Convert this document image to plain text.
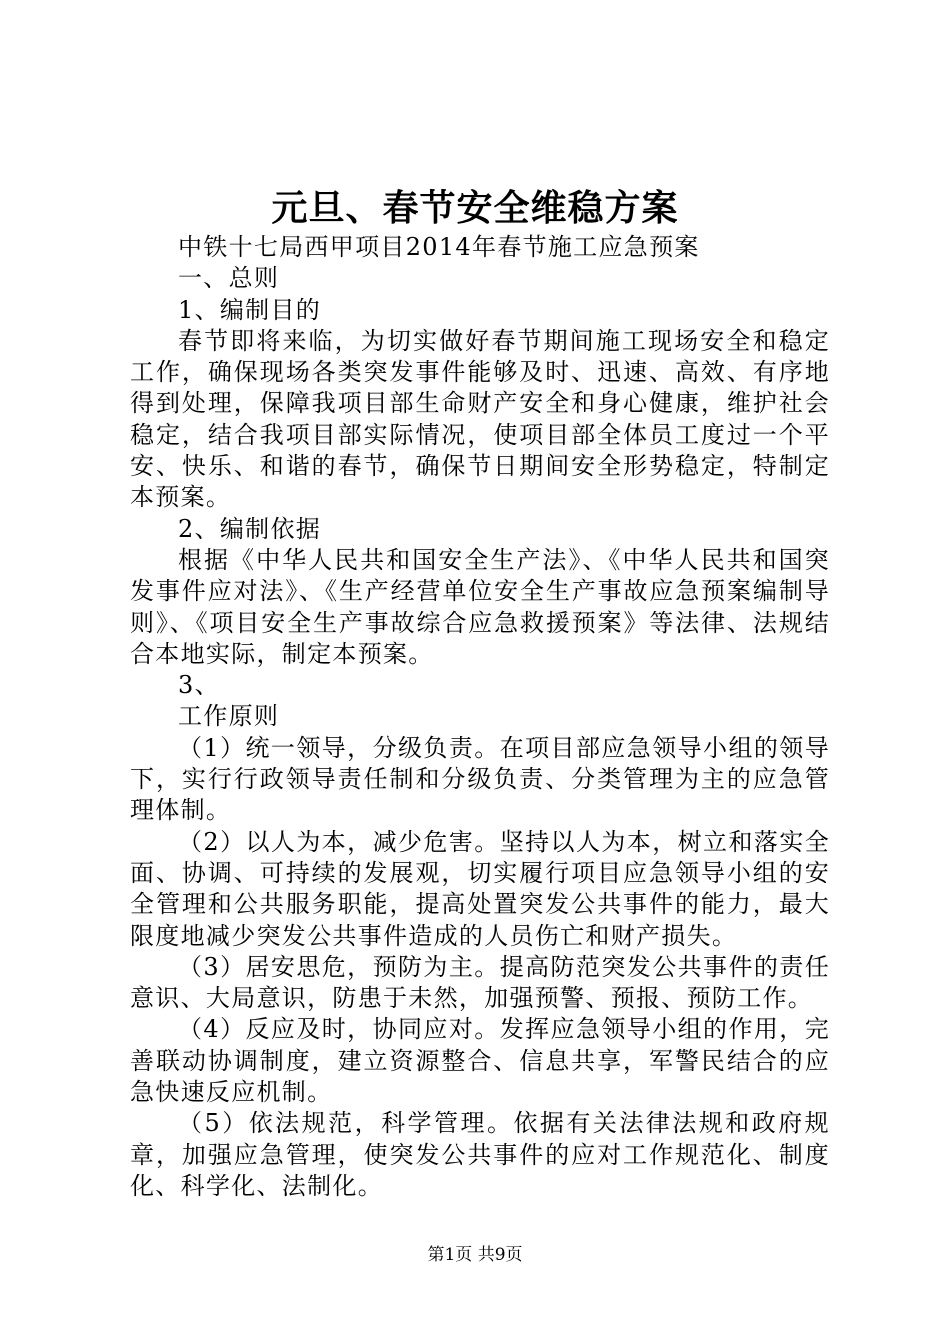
元旦、春节安全维稳方案

中铁十七局西甲项目2014年春节施工应急预案

一、总则

1、编制目的

春节即将来临，为切实做好春节期间施工现场安全和稳定工作，确保现场各类突发事件能够及时、迅速、高效、有序地得到处理，保障我项目部生命财产安全和身心健康，维护社会稳定，结合我项目部实际情况，使项目部全体员工度过一个平安、快乐、和谐的春节，确保节日期间安全形势稳定，特制定本预案。

2、编制依据

根据《中华人民共和国安全生产法》、《中华人民共和国突发事件应对法》、《生产经营单位安全生产事故应急预案编制导则》、《项目安全生产事故综合应急救援预案》等法律、法规结合本地实际，制定本预案。

3、

工作原则

（1）统一领导，分级负责。在项目部应急领导小组的领导下，实行行政领导责任制和分级负责、分类管理为主的应急管理体制。

（2）以人为本，减少危害。坚持以人为本，树立和落实全面、协调、可持续的发展观，切实履行项目应急领导小组的安全管理和公共服务职能，提高处置突发公共事件的能力，最大限度地减少突发公共事件造成的人员伤亡和财产损失。

（3）居安思危，预防为主。提高防范突发公共事件的责任意识、大局意识，防患于未然，加强预警、预报、预防工作。

（4）反应及时，协同应对。发挥应急领导小组的作用，完善联动协调制度，建立资源整合、信息共享，军警民结合的应急快速反应机制。

（5）依法规范，科学管理。依据有关法律法规和政府规章，加强应急管理，使突发公共事件的应对工作规范化、制度化、科学化、法制化。

第1页 共9页
